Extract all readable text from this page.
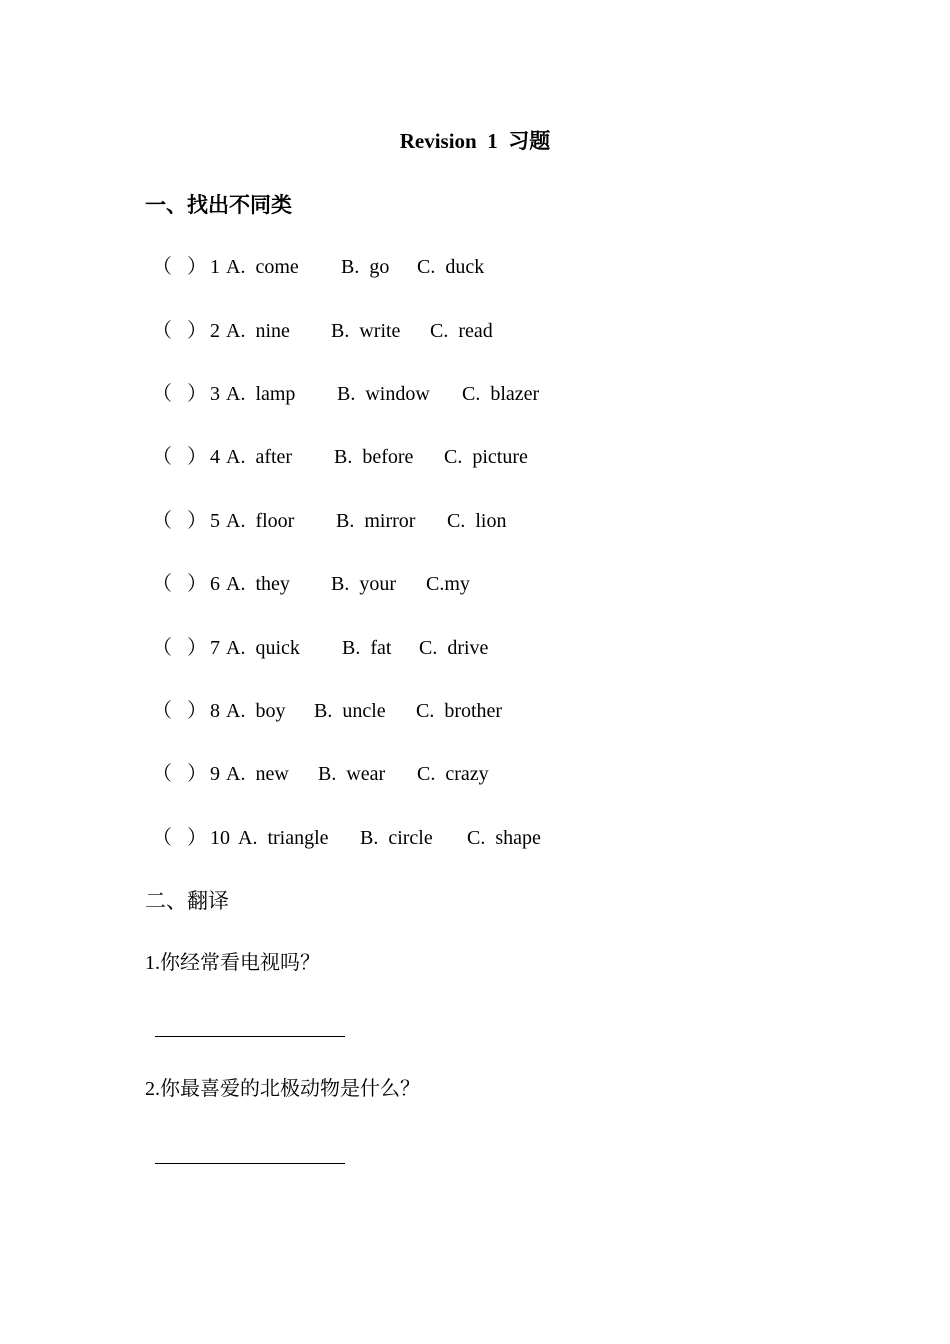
Revision  1  习题
一、找出不同类

（

）

1

A.  come

B.  go

C.  duck

（

）

2

A.  nine

B.  write

C.  read

（

）

3

A.  lamp

B.  window

C.  blazer

（

）

4

A.  after

B.  before

C.  picture

（

）

5

A.  floor

B.  mirror

C.  lion

（

）

6

A.  they

B.  your

C.my

（

）

7

A.  quick

B.  fat

C.  drive

（

）

8

A.  boy

B.  uncle

C.  brother

（

）

9

A.  new

B.  wear

C.  crazy

（

）

10

A.  triangle

B.  circle

C.  shape

二、翻译
1.你经常看电视吗？
2.你最喜爱的北极动物是什么？
